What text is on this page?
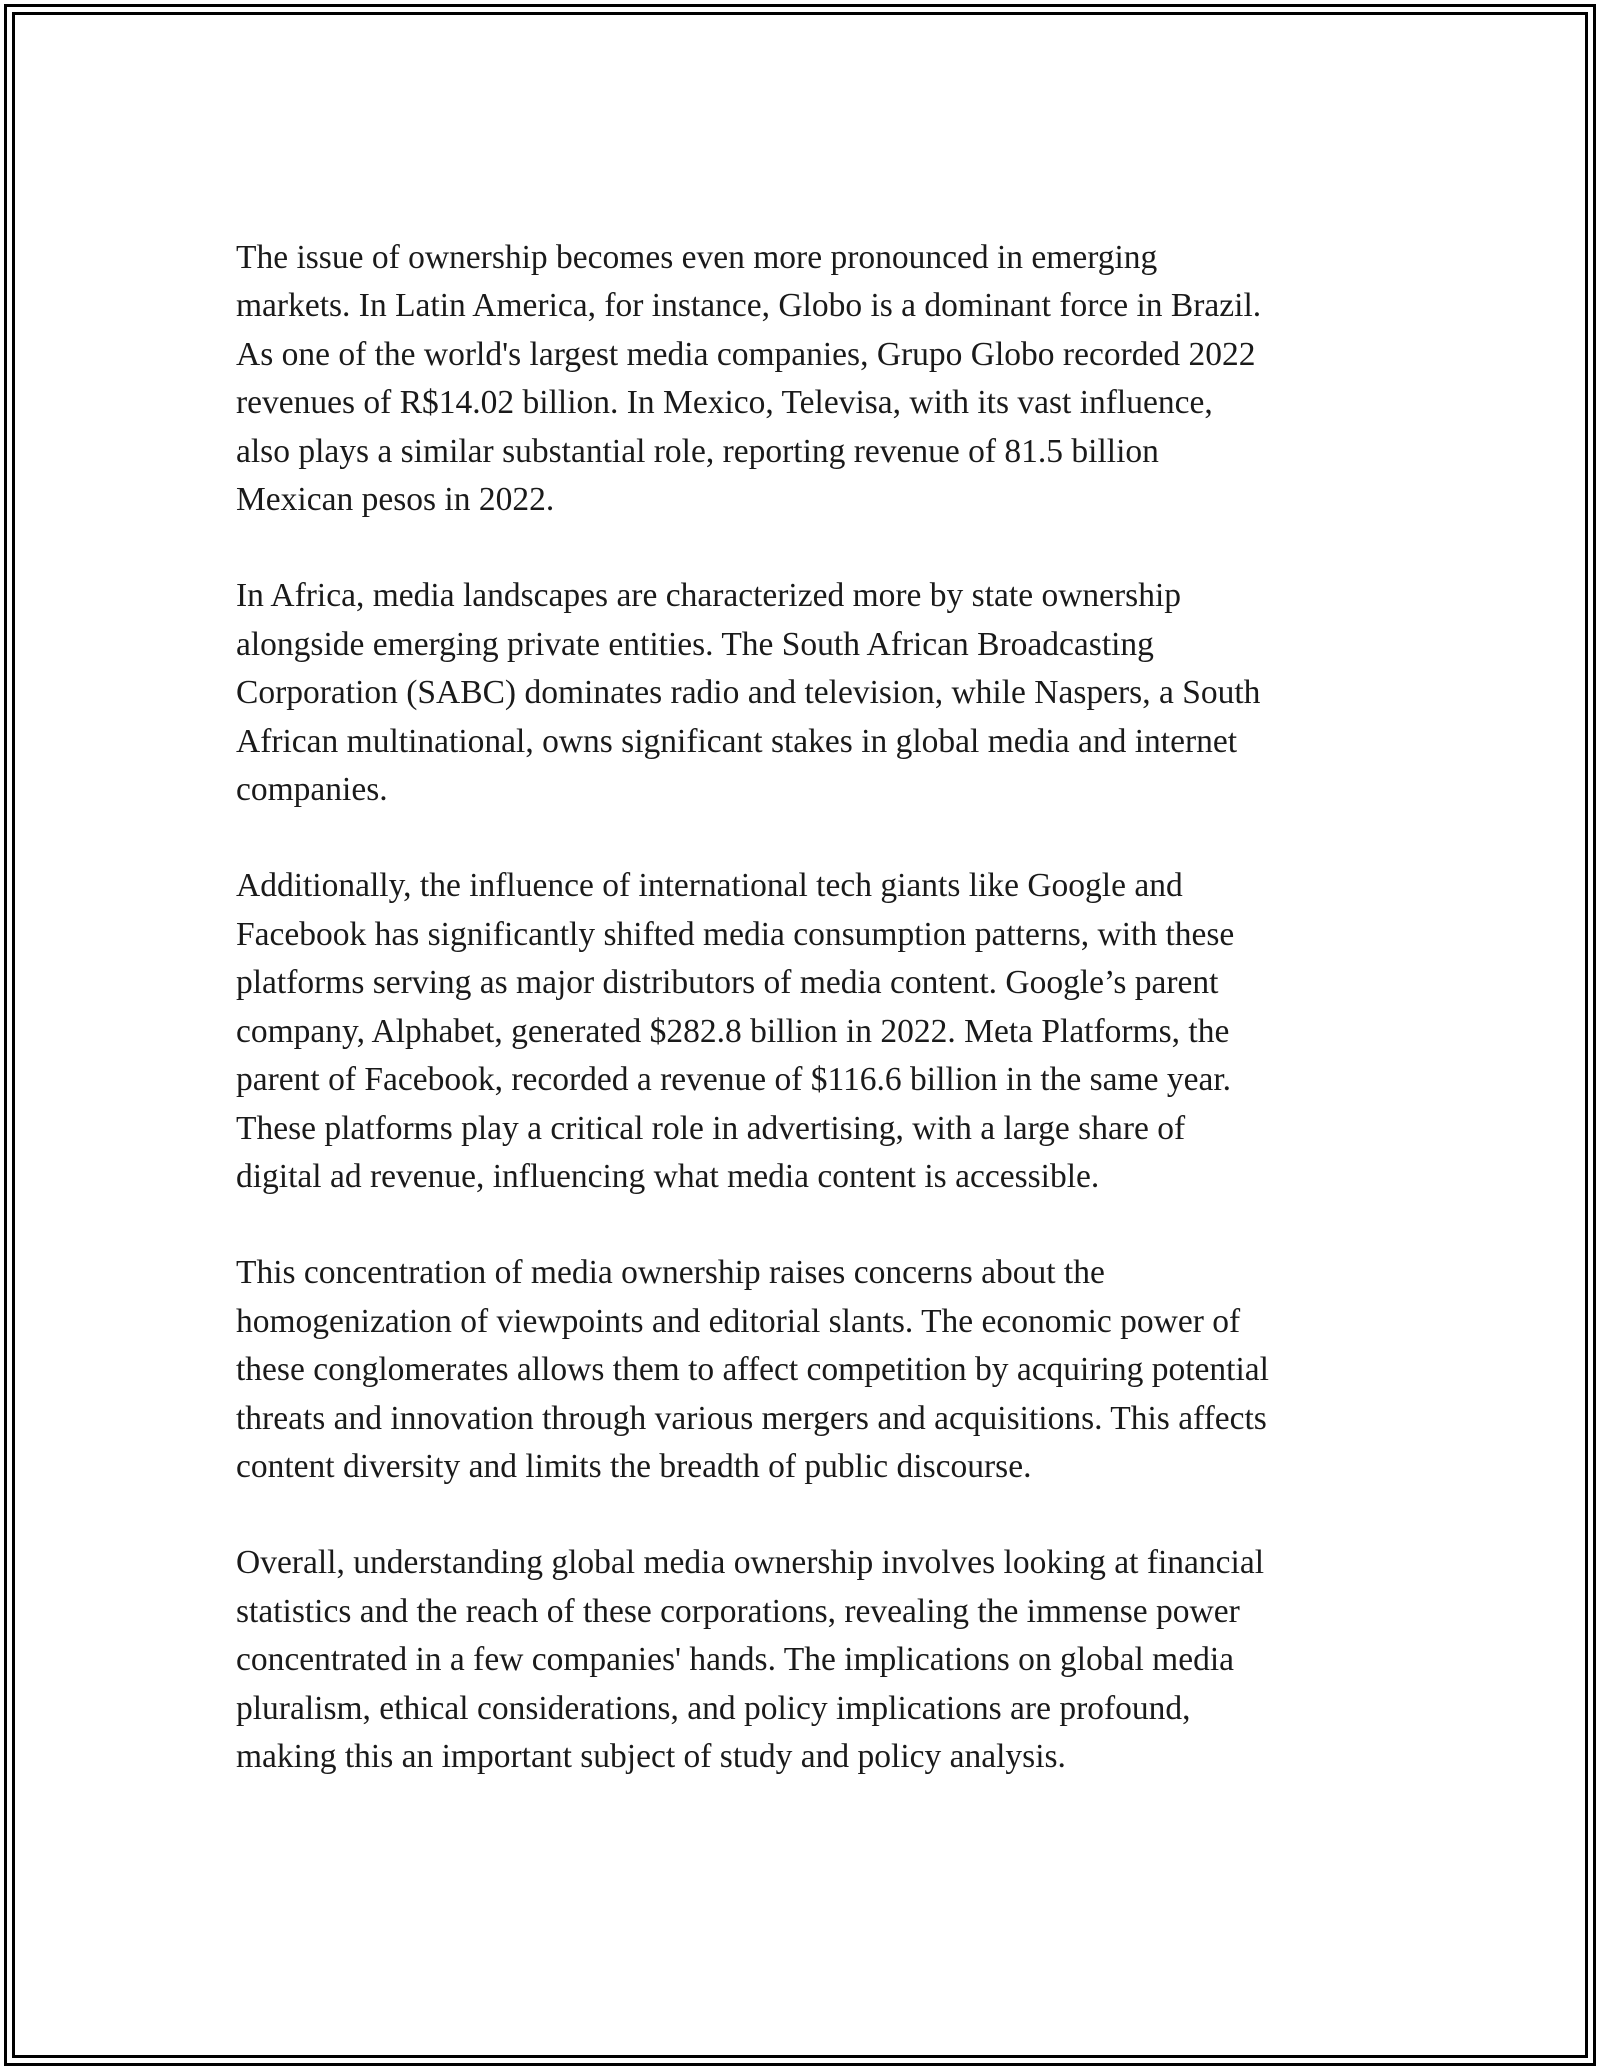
The issue of ownership becomes even more pronounced in emerging
markets. In Latin America, for instance, Globo is a dominant force in Brazil.
As one of the world's largest media companies, Grupo Globo recorded 2022
revenues of R$14.02 billion. In Mexico, Televisa, with its vast influence,
also plays a similar substantial role, reporting revenue of 81.5 billion
Mexican pesos in 2022.

In Africa, media landscapes are characterized more by state ownership
alongside emerging private entities. The South African Broadcasting
Corporation (SABC) dominates radio and television, while Naspers, a South
African multinational, owns significant stakes in global media and internet
companies.

Additionally, the influence of international tech giants like Google and
Facebook has significantly shifted media consumption patterns, with these
platforms serving as major distributors of media content. Google’s parent
company, Alphabet, generated $282.8 billion in 2022. Meta Platforms, the
parent of Facebook, recorded a revenue of $116.6 billion in the same year.
These platforms play a critical role in advertising, with a large share of
digital ad revenue, influencing what media content is accessible.

This concentration of media ownership raises concerns about the
homogenization of viewpoints and editorial slants. The economic power of
these conglomerates allows them to affect competition by acquiring potential
threats and innovation through various mergers and acquisitions. This affects
content diversity and limits the breadth of public discourse.

Overall, understanding global media ownership involves looking at financial
statistics and the reach of these corporations, revealing the immense power
concentrated in a few companies' hands. The implications on global media
pluralism, ethical considerations, and policy implications are profound,
making this an important subject of study and policy analysis.
